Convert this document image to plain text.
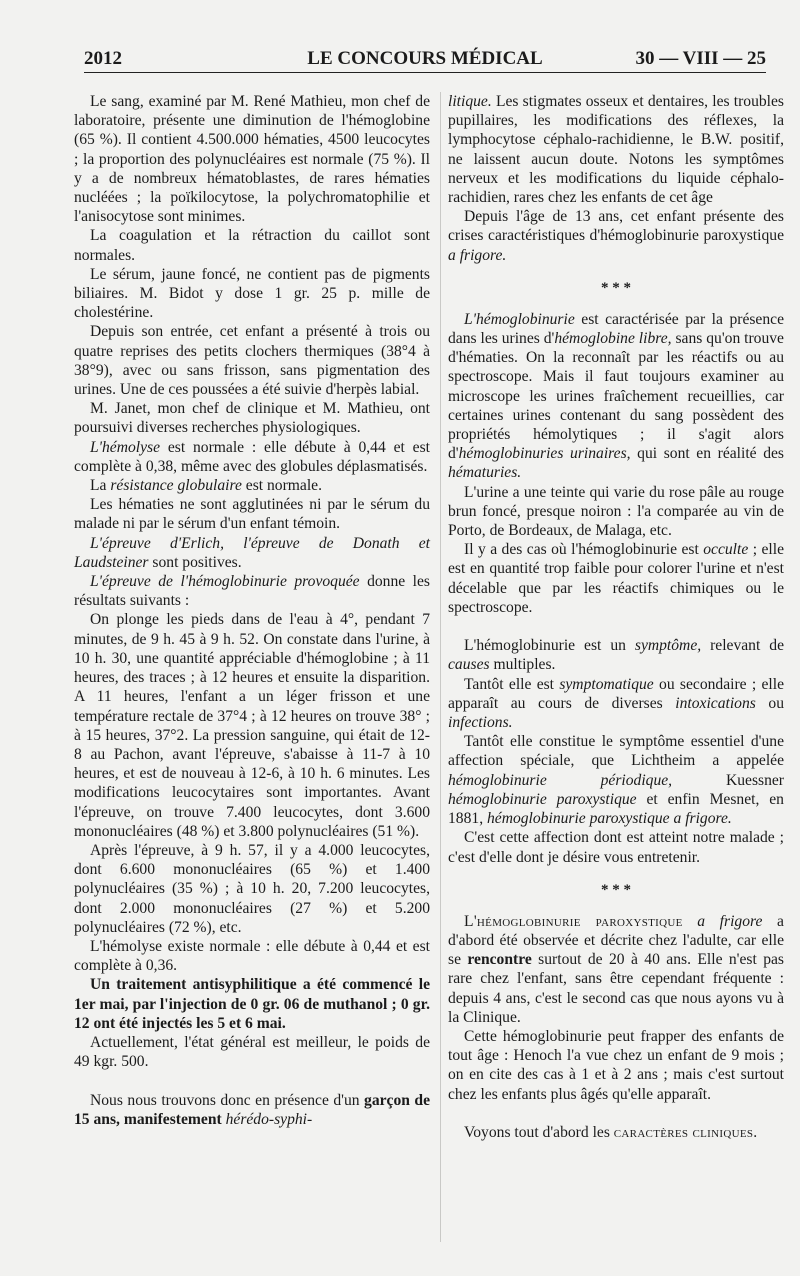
2012	LE CONCOURS MÉDICAL	30 — VIII — 25

Le sang, examiné par M. René Mathieu, mon chef de laboratoire, présente une diminution de l'hémoglobine (65 %). Il contient 4.500.000 hématies, 4500 leucocytes ; la proportion des polynucléaires est normale (75 %). Il y a de nombreux hématoblastes, de rares hématies nucléées ; la poïkilocytose, la polychromatophilie et l'anisocytose sont minimes.

La coagulation et la rétraction du caillot sont normales.

Le sérum, jaune foncé, ne contient pas de pigments biliaires. M. Bidot y dose 1 gr. 25 p. mille de cholestérine.

Depuis son entrée, cet enfant a présenté à trois ou quatre reprises des petits clochers thermiques (38°4 à 38°9), avec ou sans frisson, sans pigmentation des urines. Une de ces poussées a été suivie d'herpès labial.

M. Janet, mon chef de clinique et M. Mathieu, ont poursuivi diverses recherches physiologiques.

L'hémolyse est normale : elle débute à 0,44 et est complète à 0,38, même avec des globules déplasmatisés.

La résistance globulaire est normale.

Les hématies ne sont agglutinées ni par le sérum du malade ni par le sérum d'un enfant témoin.

L'épreuve d'Erlich, l'épreuve de Donath et Laudsteiner sont positives.

L'épreuve de l'hémoglobinurie provoquée donne les résultats suivants :

On plonge les pieds dans de l'eau à 4°, pendant 7 minutes, de 9 h. 45 à 9 h. 52. On constate dans l'urine, à 10 h. 30, une quantité appréciable d'hémoglobine ; à 11 heures, des traces ; à 12 heures et ensuite la disparition. A 11 heures, l'enfant a un léger frisson et une température rectale de 37°4 ; à 12 heures on trouve 38° ; à 15 heures, 37°2. La pression sanguine, qui était de 12-8 au Pachon, avant l'épreuve, s'abaisse à 11-7 à 10 heures, et est de nouveau à 12-6, à 10 h. 6 minutes. Les modifications leucocytaires sont importantes. Avant l'épreuve, on trouve 7.400 leucocytes, dont 3.600 mononucléaires (48 %) et 3.800 polynucléaires (51 %).

Après l'épreuve, à 9 h. 57, il y a 4.000 leucocytes, dont 6.600 mononucléaires (65 %) et 1.400 polynucléaires (35 %) ; à 10 h. 20, 7.200 leucocytes, dont 2.000 mononucléaires (27 %) et 5.200 polynucléaires (72 %), etc.

L'hémolyse existe normale : elle débute à 0,44 et est complète à 0,36.

Un traitement antisyphilitique a été commencé le 1er mai, par l'injection de 0 gr. 06 de muthanol ; 0 gr. 12 ont été injectés les 5 et 6 mai.

Actuellement, l'état général est meilleur, le poids de 49 kgr. 500.

Nous nous trouvons donc en présence d'un garçon de 15 ans, manifestement hérédo-syphi-

litique. Les stigmates osseux et dentaires, les troubles pupillaires, les modifications des réflexes, la lymphocytose céphalo-rachidienne, le B.W. positif, ne laissent aucun doute. Notons les symptômes nerveux et les modifications du liquide céphalo-rachidien, rares chez les enfants de cet âge

Depuis l'âge de 13 ans, cet enfant présente des crises caractéristiques d'hémoglobinurie paroxystique a frigore.

* * *

L'hémoglobinurie est caractérisée par la présence dans les urines d'hémoglobine libre, sans qu'on trouve d'hématies. On la reconnaît par les réactifs ou au spectroscope. Mais il faut toujours examiner au microscope les urines fraîchement recueillies, car certaines urines contenant du sang possèdent des propriétés hémolytiques ; il s'agit alors d'hémoglobinuries urinaires, qui sont en réalité des hématuries.

L'urine a une teinte qui varie du rose pâle au rouge brun foncé, presque noiron : l'a comparée au vin de Porto, de Bordeaux, de Malaga, etc.

Il y a des cas où l'hémoglobinurie est occulte ; elle est en quantité trop faible pour colorer l'urine et n'est décelable que par les réactifs chimiques ou le spectroscope.

L'hémoglobinurie est un symptôme, relevant de causes multiples.

Tantôt elle est symptomatique ou secondaire ; elle apparaît au cours de diverses intoxications ou infections.

Tantôt elle constitue le symptôme essentiel d'une affection spéciale, que Lichtheim a appelée hémoglobinurie périodique, Kuessner hémoglobinurie paroxystique et enfin Mesnet, en 1881, hémoglobinurie paroxystique a frigore.

C'est cette affection dont est atteint notre malade ; c'est d'elle dont je désire vous entretenir.

* * *

L'hémoglobinurie paroxystique a frigore a d'abord été observée et décrite chez l'adulte, car elle se rencontre surtout de 20 à 40 ans. Elle n'est pas rare chez l'enfant, sans être cependant fréquente : depuis 4 ans, c'est le second cas que nous ayons vu à la Clinique.

Cette hémoglobinurie peut frapper des enfants de tout âge : Henoch l'a vue chez un enfant de 9 mois ; on en cite des cas à 1 et à 2 ans ; mais c'est surtout chez les enfants plus âgés qu'elle apparaît.

Voyons tout d'abord les caractères cliniques.
